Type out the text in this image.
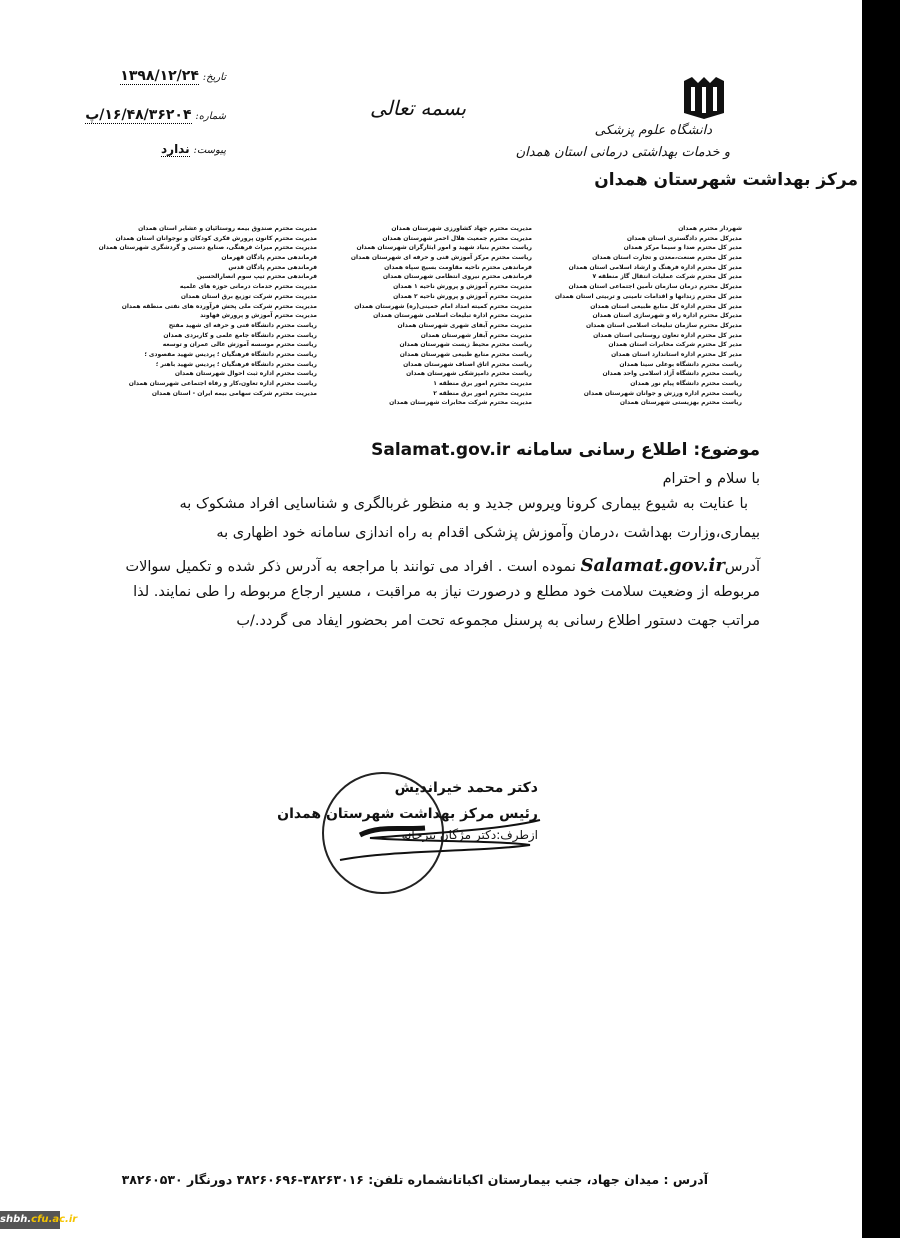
دانشگاه علوم پزشکی
و خدمات بهداشتی درمانی استان همدان
مرکز بهداشت شهرستان همدان
بسمه تعالی
تاریخ: ۱۳۹۸/۱۲/۲۴
شماره: ۱۶/۴۸/۳۶۲۰۴/پ
پیوست: ندارد
شهردار محترم همدان
مدیرکل محترم دادگستری استان همدان
مدیر کل محترم صدا و سیما مرکز همدان
مدیر کل محترم صنعت،معدن و تجارت استان همدان
مدیر کل محترم اداره فرهنگ و ارشاد اسلامی استان همدان
مدیر کل محترم شرکت عملیات انتقال گاز منطقه ۷
مدیرکل محترم درمان سازمان تأمین اجتماعی استان همدان
مدیر کل محترم زندانها و اقدامات تامینی و تربیتی استان همدان
مدیر کل محترم اداره کل منابع طبیعی استان همدان
مدیرکل محترم اداره راه و شهرسازی استان همدان
مدیرکل محترم سازمان تبلیغات اسلامی استان همدان
مدیر کل محترم اداره تعاون روستایی استان همدان
مدیر کل محترم شرکت مخابرات استان همدان
مدیر کل محترم اداره استاندارد استان همدان
ریاست محترم دانشگاه بوعلی سینا همدان
ریاست محترم دانشگاه آزاد اسلامی واحد همدان
ریاست محترم دانشگاه پیام نور همدان
ریاست محترم اداره ورزش و جوانان شهرستان همدان
ریاست محترم بهزیستی شهرستان همدان
مدیریت محترم جهاد کشاورزی شهرستان همدان
مدیریت محترم جمعیت هلال احمر شهرستان همدان
ریاست محترم بنیاد شهید و امور ایثارگران شهرستان همدان
ریاست محترم مرکز آموزش فنی و حرفه ای شهرستان همدان
فرماندهی محترم ناحیه مقاومت بسیج سپاه همدان
فرماندهی محترم نیروی انتظامی شهرستان همدان
مدیریت محترم آموزش و پرورش ناحیه ۱ همدان
مدیریت محترم آموزش و پرورش ناحیه ۲ همدان
مدیریت محترم کمیته امداد امام خمینی(ره) شهرستان همدان
مدیریت محترم اداره تبلیغات اسلامی شهرستان همدان
مدیریت محترم آبفای شهری شهرستان همدان
مدیریت محترم آبفار شهرستان همدان
ریاست محترم محیط زیست شهرستان همدان
ریاست محترم منابع طبیعی شهرستان همدان
ریاست محترم اتاق اصناف شهرستان همدان
ریاست محترم دامپزشکی شهرستان همدان
مدیریت محترم امور برق منطقه ۱
مدیریت محترم امور برق منطقه ۲
مدیریت محترم شرکت مخابرات شهرستان همدان
مدیریت محترم صندوق بیمه روستائیان و عشایر استان همدان
مدیریت محترم کانون پرورش فکری کودکان و نوجوانان استان همدان
مدیریت محترم میراث فرهنگی، صنایع دستی و گردشگری شهرستان همدان
فرماندهی محترم پادگان قهرمان
فرماندهی محترم پادگان قدس
فرماندهی محترم تیپ سوم انصارالحسین
مدیریت محترم خدمات درمانی حوزه های علمیه
مدیریت محترم شرکت توزیع برق استان همدان
مدیریت محترم شرکت ملی پخش فرآورده های نفتی منطقه همدان
مدیریت محترم آموزش و پرورش فهاوند
ریاست محترم دانشگاه فنی و حرفه ای شهید مفتح
ریاست محترم دانشگاه جامع علمی و کاربردی همدان
ریاست محترم موسسه آموزش عالی عمران و توسعه
ریاست محترم دانشگاه فرهنگیان ؛ پردیس شهید مفصودی ؛
ریاست محترم دانشگاه فرهنگیان ؛ پردیس شهید باهنر ؛
ریاست محترم اداره ثبت احوال شهرستان همدان
ریاست محترم اداره تعاون،کار و رفاه اجتماعی شهرستان همدان
مدیریت محترم شرکت سهامی بیمه ایران - استان همدان
موضوع: اطلاع رسانی سامانه Salamat.gov.ir
با سلام و احترام
با عنایت به شیوع بیماری کرونا ویروس جدید و به منظور غربالگری و شناسایی افراد مشکوک به
بیماری،وزارت بهداشت ،درمان وآموزش پزشکی اقدام به راه اندازی سامانه خود اظهاری به
آدرسSalamat.gov.ir نموده است . افراد می توانند با مراجعه به آدرس ذکر شده و تکمیل سوالات
مربوطه از وضعیت سلامت خود مطلع و درصورت نیاز به مراقبت ، مسیر ارجاع مربوطه را طی نمایند. لذا
مراتب جهت دستور اطلاع رسانی به پرسنل مجموعه تحت امر بحضور ایفاد می گردد./ب
دکتر محمد خیراندیش
رئیس مرکز بهداشت شهرستان همدان
ازطرف:دکتر مژگان بیرجانه
آدرس : میدان جهاد، جنب بیمارستان اکباتانشماره تلفن: ۳۸۲۶۳۰۱۶-۳۸۲۶۰۶۹۶ دورنگار ۳۸۲۶۰۵۳۰
shbh.cfu.ac.ir
